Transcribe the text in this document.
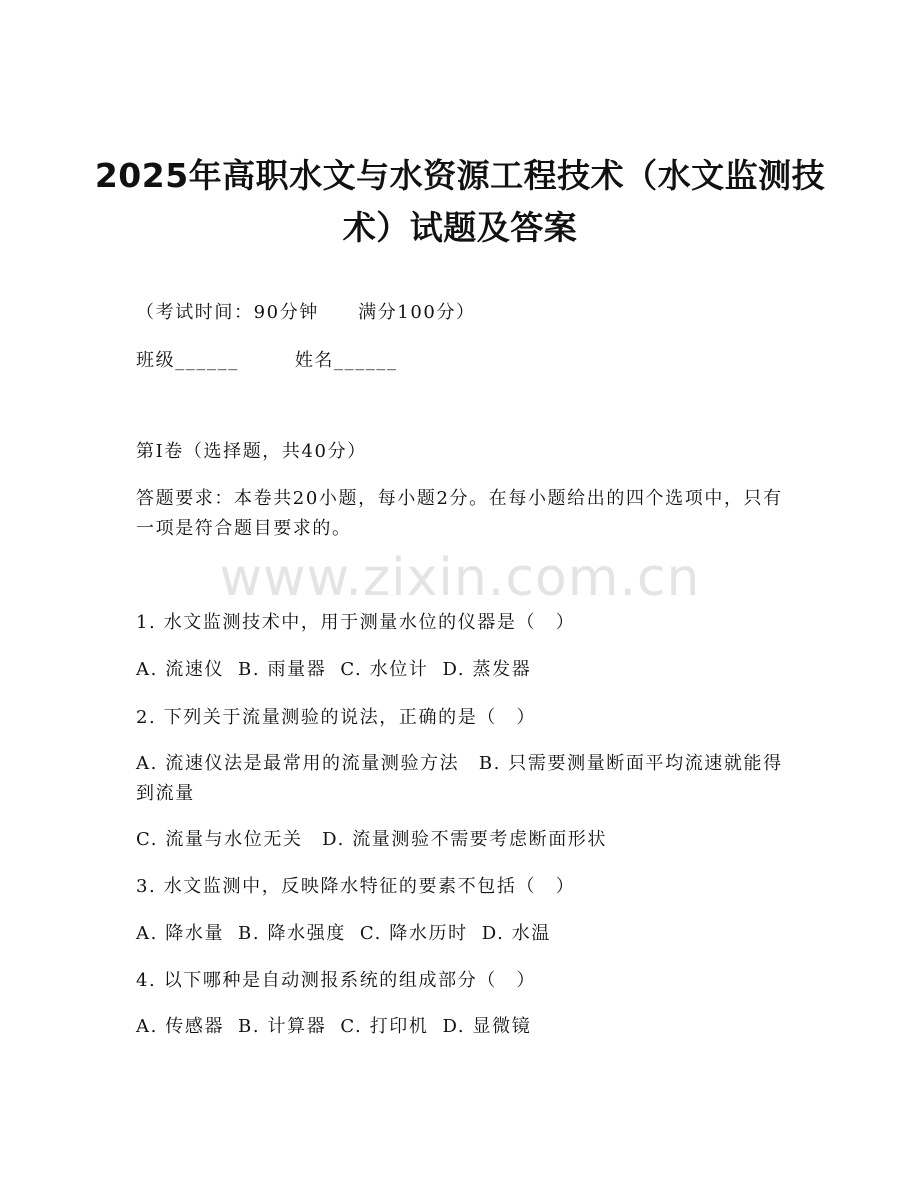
www.zixin.com.cn
2025年高职水文与水资源工程技术（水文监测技术）试题及答案
（考试时间：90分钟　　满分100分）
班级______	姓名______
第Ⅰ卷（选择题，共40分）
答题要求：本卷共20小题，每小题2分。在每小题给出的四个选项中，只有一项是符合题目要求的。
1. 水文监测技术中，用于测量水位的仪器是（　）
A. 流速仪 B. 雨量器 C. 水位计 D. 蒸发器
2. 下列关于流量测验的说法，正确的是（　）
A. 流速仪法是最常用的流量测验方法　B. 只需要测量断面平均流速就能得到流量
C. 流量与水位无关　D. 流量测验不需要考虑断面形状
3. 水文监测中，反映降水特征的要素不包括（　）
A. 降水量 B. 降水强度 C. 降水历时 D. 水温
4. 以下哪种是自动测报系统的组成部分（　）
A. 传感器 B. 计算器 C. 打印机 D. 显微镜
